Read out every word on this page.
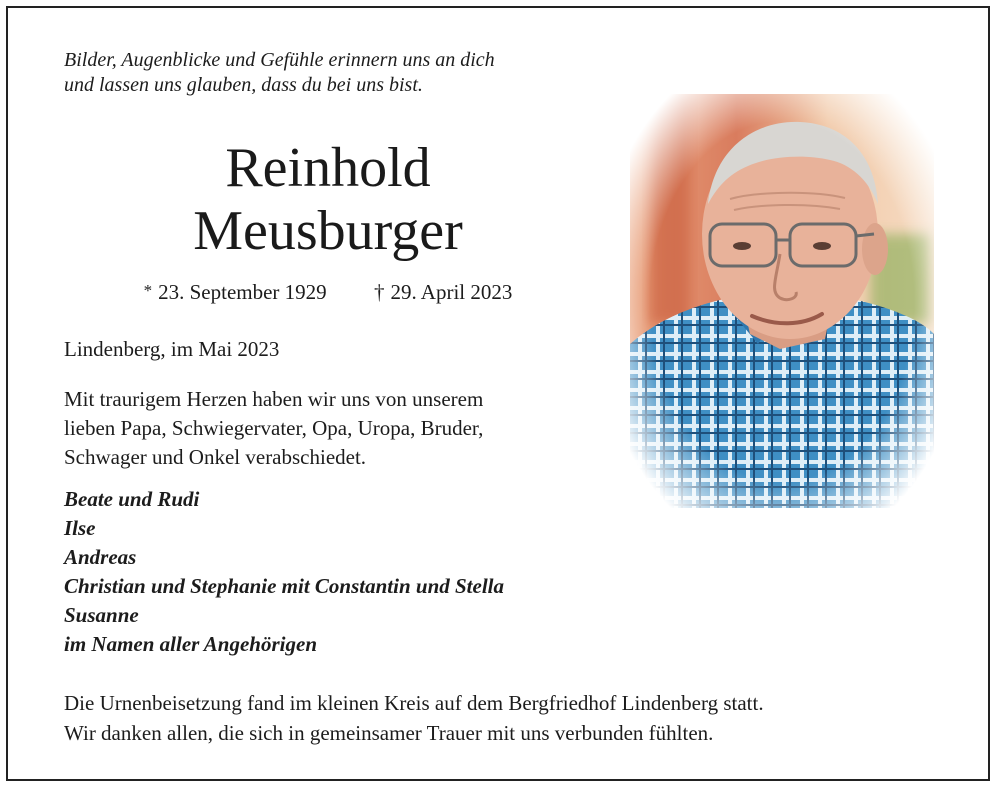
Bilder, Augenblicke und Gefühle erinnern uns an dich
und lassen uns glauben, dass du bei uns bist.

Reinhold
Meusburger
* 23. September 1929 † 29. April 2023
Lindenberg, im Mai 2023

Mit traurigem Herzen haben wir uns von unserem
lieben Papa, Schwiegervater, Opa, Uropa, Bruder,
Schwager und Onkel verabschiedet.

Beate und Rudi
Ilse
Andreas
Christian und Stephanie mit Constantin und Stella
Susanne
im Namen aller Angehörigen

Die Urnenbeisetzung fand im kleinen Kreis auf dem Bergfriedhof Lindenberg statt.
Wir danken allen, die sich in gemeinsamer Trauer mit uns verbunden fühlten.
